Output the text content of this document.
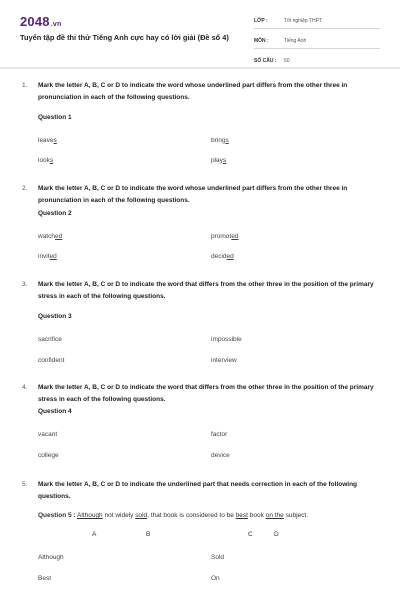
2048.vn
Tuyển tập đề thi thử Tiếng Anh cực hay có lời giải (Đề số 4)
LỚP :	Tốt nghiệp THPT
MÔN :	Tiếng Anh
SỐ CÂU :	50
1. Mark the letter A, B, C or D to indicate the word whose underlined part differs from the other three in pronunciation in each of the following questions.
Question 1
leaves	brings
looks	plays
2. Mark the letter A, B, C or D to indicate the word whose underlined part differs from the other three in pronunciation in each of the following questions.
Question 2
watched	promoted
invited	decided
3. Mark the letter A, B, C or D to indicate the word that differs from the other three in the position of the primary stress in each of the following questions.
Question 3
sacrifice	impossible
confident	interview
4. Mark the letter A, B, C or D to indicate the word that differs from the other three in the position of the primary stress in each of the following questions.
Question 4
vacant	factor
college	device
5. Mark the letter A, B, C or D to indicate the underlined part that needs correction in each of the following questions.
Question 5 : Although not widely sold, that book is considered to be best book on the subject.
A	B	C	D
Although	Sold
Best	On
